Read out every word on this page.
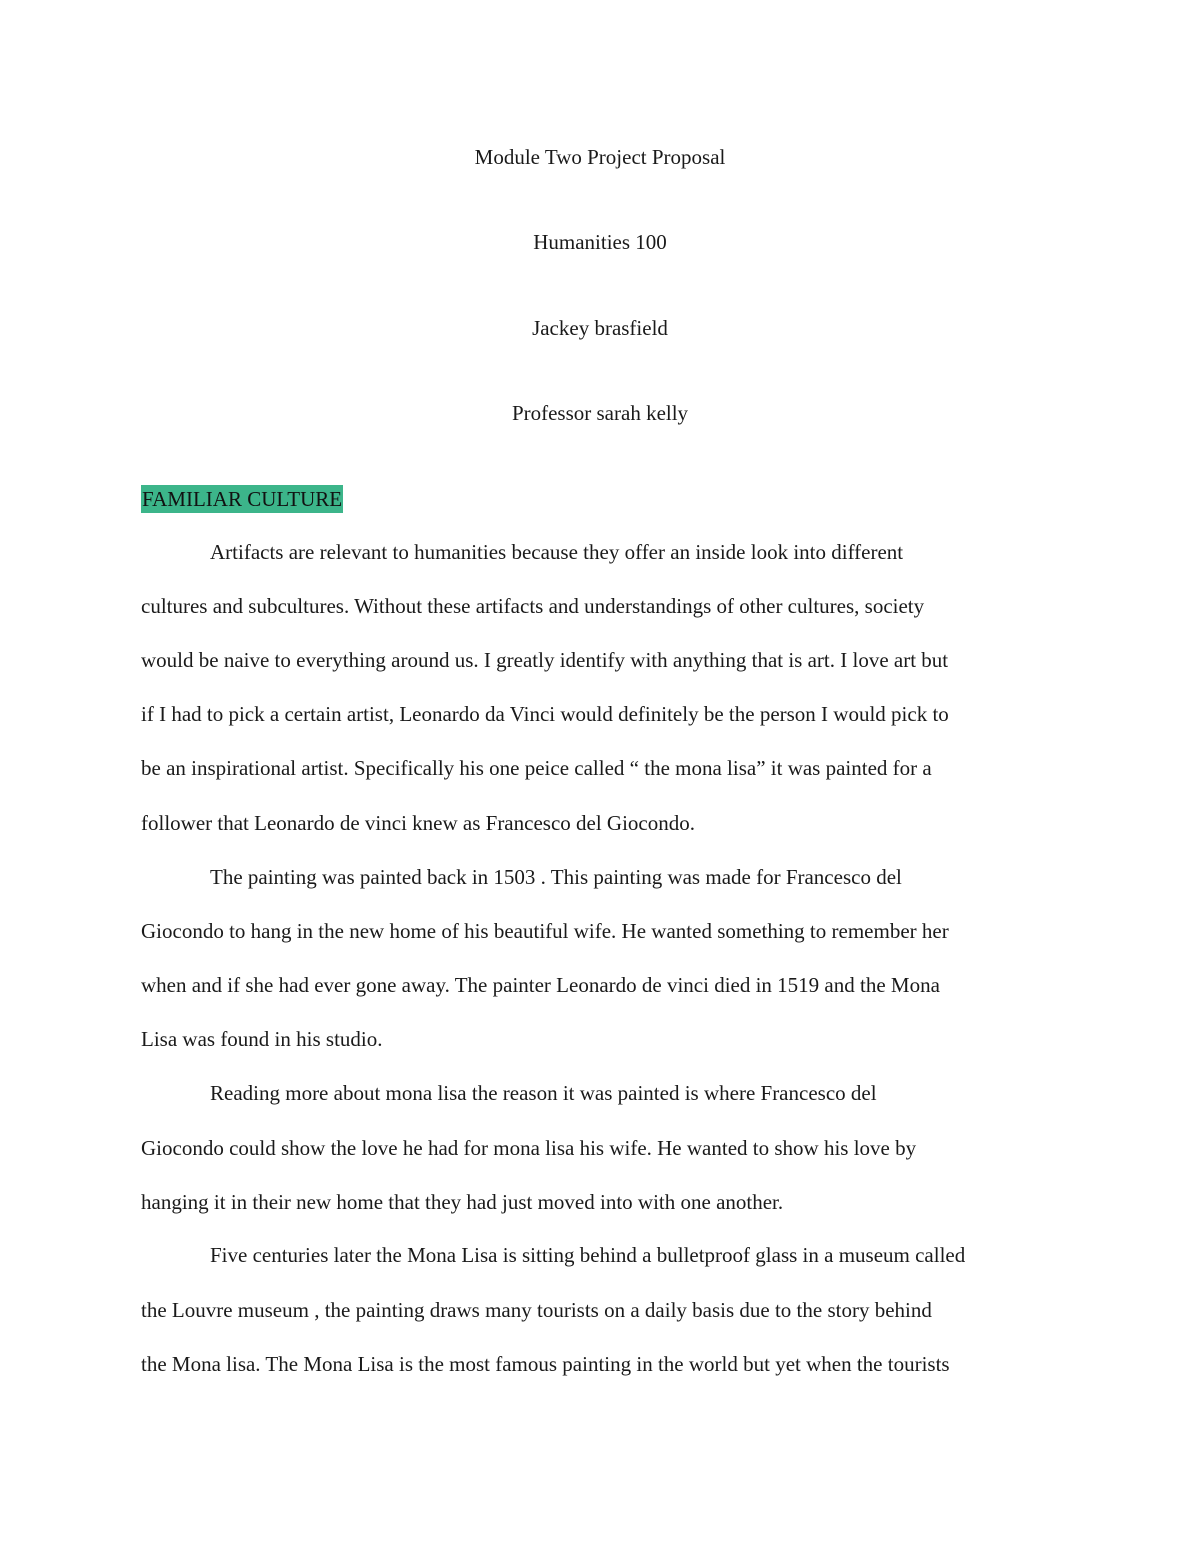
Module Two Project Proposal

Humanities 100

Jackey brasfield

Professor sarah kelly

FAMILIAR CULTURE

Artifacts are relevant to humanities because they offer an inside look into different

cultures and subcultures. Without these artifacts and understandings of other cultures, society

would be naive to everything around us. I greatly identify with anything that is art. I love art but

if I had to pick a certain artist, Leonardo da Vinci would definitely be the person I would pick to

be an inspirational artist. Specifically his one peice called “ the mona lisa” it was painted for a

follower that Leonardo de vinci knew as Francesco del Giocondo.

The painting was painted back in 1503 . This painting was made for Francesco del

Giocondo to hang in the new home of his beautiful wife. He wanted something to remember her

when and if she had ever gone away. The painter Leonardo de vinci died in 1519 and the Mona

Lisa was found in his studio.

Reading more about mona lisa the reason it was painted is where Francesco del

Giocondo could show the love he had for mona lisa his wife. He wanted to show his love by

hanging it in their new home that they had just moved into with one another.

Five centuries later the Mona Lisa is sitting behind a bulletproof glass in a museum called

the Louvre museum , the painting draws many tourists on a daily basis due to the story behind

the Mona lisa. The Mona Lisa is the most famous painting in the world but yet when the tourists
